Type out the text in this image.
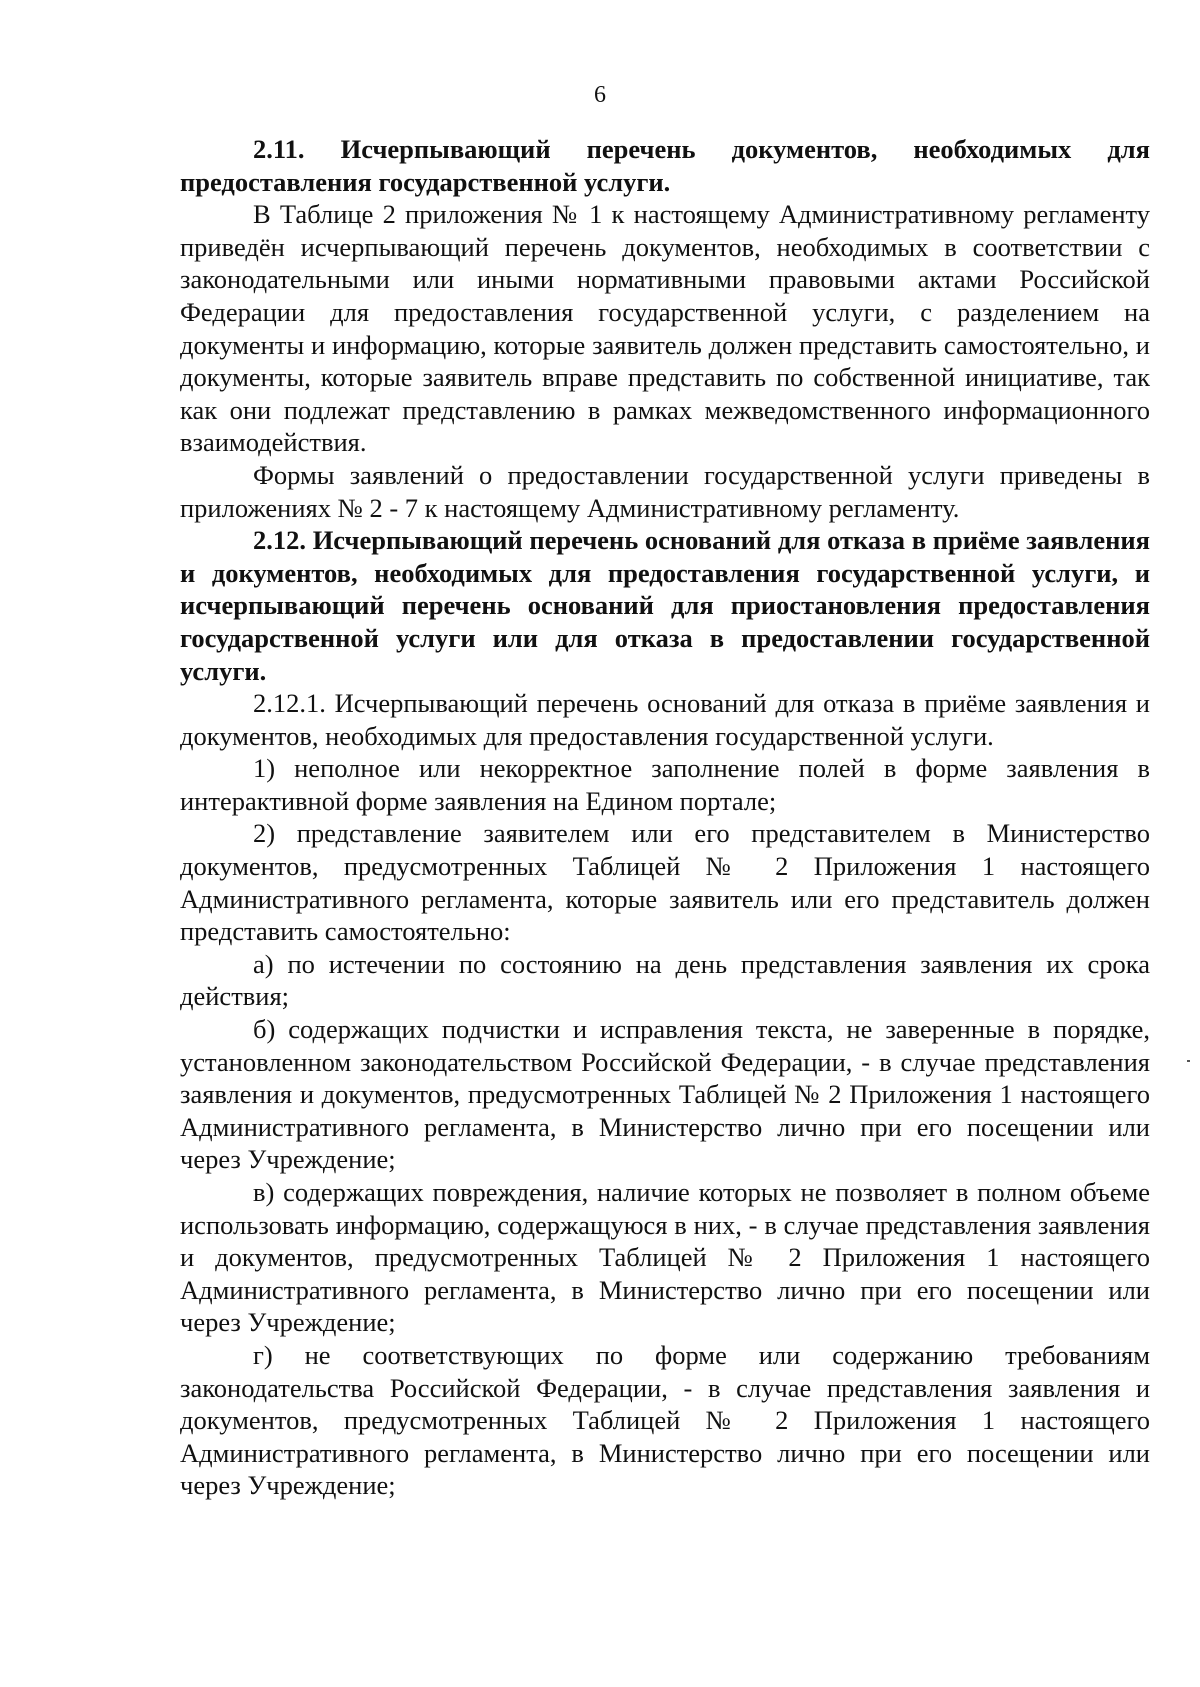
6

2.11. Исчерпывающий перечень документов, необходимых для предоставления государственной услуги.

В Таблице 2 приложения № 1 к настоящему Административному регламенту приведён исчерпывающий перечень документов, необходимых в соответствии с законодательными или иными нормативными правовыми актами Российской Федерации для предоставления государственной услуги, с разделением на документы и информацию, которые заявитель должен представить самостоятельно, и документы, которые заявитель вправе представить по собственной инициативе, так как они подлежат представлению в рамках межведомственного информационного взаимодействия.

Формы заявлений о предоставлении государственной услуги приведены в приложениях № 2 - 7 к настоящему Административному регламенту.

2.12. Исчерпывающий перечень оснований для отказа в приёме заявления и документов, необходимых для предоставления государственной услуги, и исчерпывающий перечень оснований для приостановления предоставления государственной услуги или для отказа в предоставлении государственной услуги.

2.12.1. Исчерпывающий перечень оснований для отказа в приёме заявления и документов, необходимых для предоставления государственной услуги.

1) неполное или некорректное заполнение полей в форме заявления в интерактивной форме заявления на Едином портале;

2) представление заявителем или его представителем в Министерство документов, предусмотренных Таблицей № 2 Приложения 1 настоящего Административного регламента, которые заявитель или его представитель должен представить самостоятельно:

а) по истечении по состоянию на день представления заявления их срока действия;

б) содержащих подчистки и исправления текста, не заверенные в порядке, установленном законодательством Российской Федерации, - в случае представления заявления и документов, предусмотренных Таблицей № 2 Приложения 1 настоящего Административного регламента, в Министерство лично при его посещении или через Учреждение;

в) содержащих повреждения, наличие которых не позволяет в полном объеме использовать информацию, содержащуюся в них, - в случае представления заявления и документов, предусмотренных Таблицей № 2 Приложения 1 настоящего Административного регламента, в Министерство лично при его посещении или через Учреждение;

г) не соответствующих по форме или содержанию требованиям законодательства Российской Федерации, - в случае представления заявления и документов, предусмотренных Таблицей № 2 Приложения 1 настоящего Административного регламента, в Министерство лично при его посещении или через Учреждение;
